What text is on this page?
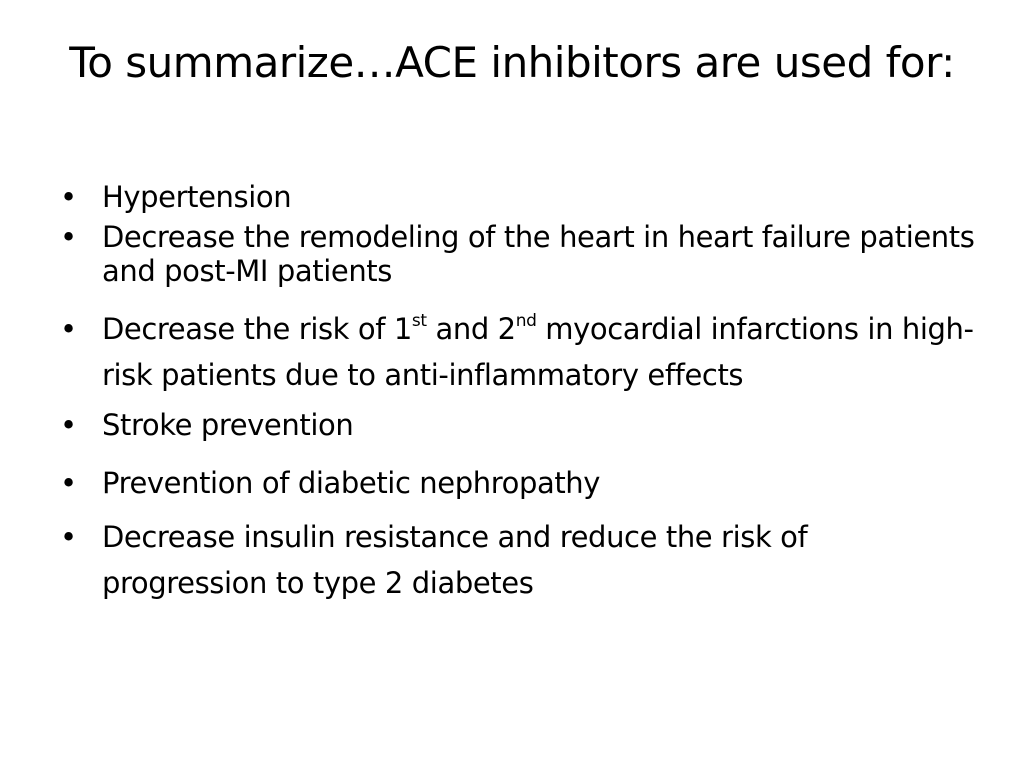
To summarize…ACE inhibitors are used for:
• Hypertension
• Decrease the remodeling of the heart in heart failure patients and post-MI patients
• Decrease the risk of 1st and 2nd myocardial infarctions in high-risk patients due to anti-inflammatory effects
• Stroke prevention
• Prevention of diabetic nephropathy
• Decrease insulin resistance and reduce the risk of progression to type 2 diabetes
